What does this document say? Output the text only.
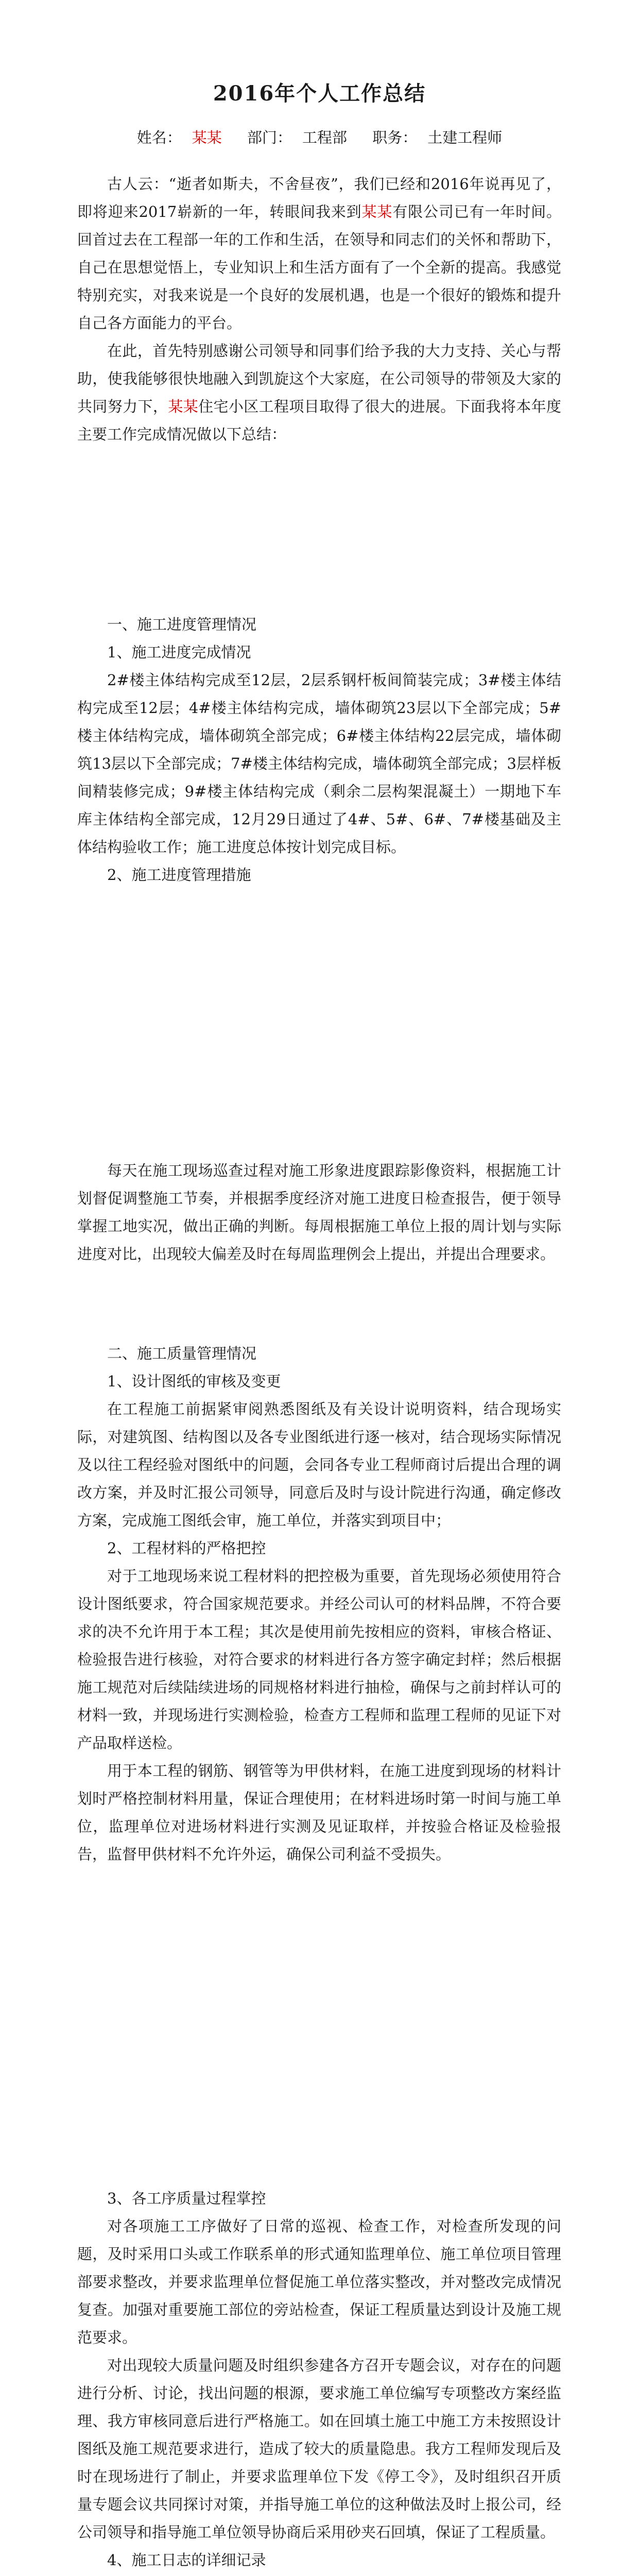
2016年个人工作总结
姓名： 某某 部门： 工程部 职务： 土建工程师

古人云：“逝者如斯夫，不舍昼夜”，我们已经和2016年说再见了，即将迎来2017崭新的一年，转眼间我来到某某有限公司已有一年时间。回首过去在工程部一年的工作和生活，在领导和同志们的关怀和帮助下，自己在思想觉悟上，专业知识上和生活方面有了一个全新的提高。我感觉特别充实，对我来说是一个良好的发展机遇，也是一个很好的锻炼和提升自己各方面能力的平台。

在此，首先特别感谢公司领导和同事们给予我的大力支持、关心与帮助，使我能够很快地融入到凯旋这个大家庭，在公司领导的带领及大家的共同努力下，某某住宅小区工程项目取得了很大的进展。下面我将本年度主要工作完成情况做以下总结：

一、施工进度管理情况

1、施工进度完成情况

2#楼主体结构完成至12层，2层系钢杆板间简装完成；3#楼主体结构完成至12层；4#楼主体结构完成，墙体砌筑23层以下全部完成；5#楼主体结构完成，墙体砌筑全部完成；6#楼主体结构22层完成，墙体砌筑13层以下全部完成；7#楼主体结构完成，墙体砌筑全部完成；3层样板间精装修完成；9#楼主体结构完成（剩余二层构架混凝土）一期地下车库主体结构全部完成，12月29日通过了4#、5#、6#、7#楼基础及主体结构验收工作；施工进度总体按计划完成目标。

2、施工进度管理措施

每天在施工现场巡查过程对施工形象进度跟踪影像资料，根据施工计划督促调整施工节奏，并根据季度经济对施工进度日检查报告，便于领导掌握工地实况，做出正确的判断。每周根据施工单位上报的周计划与实际进度对比，出现较大偏差及时在每周监理例会上提出，并提出合理要求。

二、施工质量管理情况

1、设计图纸的审核及变更

在工程施工前据紧审阅熟悉图纸及有关设计说明资料，结合现场实际，对建筑图、结构图以及各专业图纸进行逐一核对，结合现场实际情况及以往工程经验对图纸中的问题，会同各专业工程师商讨后提出合理的调改方案，并及时汇报公司领导，同意后及时与设计院进行沟通，确定修改方案，完成施工图纸会审，施工单位，并落实到项目中；

2、工程材料的严格把控

对于工地现场来说工程材料的把控极为重要，首先现场必须使用符合设计图纸要求，符合国家规范要求。并经公司认可的材料品牌，不符合要求的决不允许用于本工程；其次是使用前先按相应的资料，审核合格证、检验报告进行核验，对符合要求的材料进行各方签字确定封样；然后根据施工规范对后续陆续进场的同规格材料进行抽检，确保与之前封样认可的材料一致，并现场进行实测检验，检查方工程师和监理工程师的见证下对产品取样送检。

用于本工程的钢筋、钢管等为甲供材料，在施工进度到现场的材料计划时严格控制材料用量，保证合理使用；在材料进场时第一时间与施工单位，监理单位对进场材料进行实测及见证取样，并按验合格证及检验报告，监督甲供材料不允许外运，确保公司利益不受损失。

3、各工序质量过程掌控

对各项施工工序做好了日常的巡视、检查工作，对检查所发现的问题，及时采用口头或工作联系单的形式通知监理单位、施工单位项目管理部要求整改，并要求监理单位督促施工单位落实整改，并对整改完成情况复查。加强对重要施工部位的旁站检查，保证工程质量达到设计及施工规范要求。

对出现较大质量问题及时组织参建各方召开专题会议，对存在的问题进行分析、讨论，找出问题的根源，要求施工单位编写专项整改方案经监理、我方审核同意后进行严格施工。如在回填土施工中施工方未按照设计图纸及施工规范要求进行，造成了较大的质量隐患。我方工程师发现后及时在现场进行了制止，并要求监理单位下发《停工令》，及时组织召开质量专题会议共同探讨对策，并指导施工单位的这种做法及时上报公司，经公司领导和指导施工单位领导协商后采用砂夹石回填，保证了工程质量。

4、施工日志的详细记录
